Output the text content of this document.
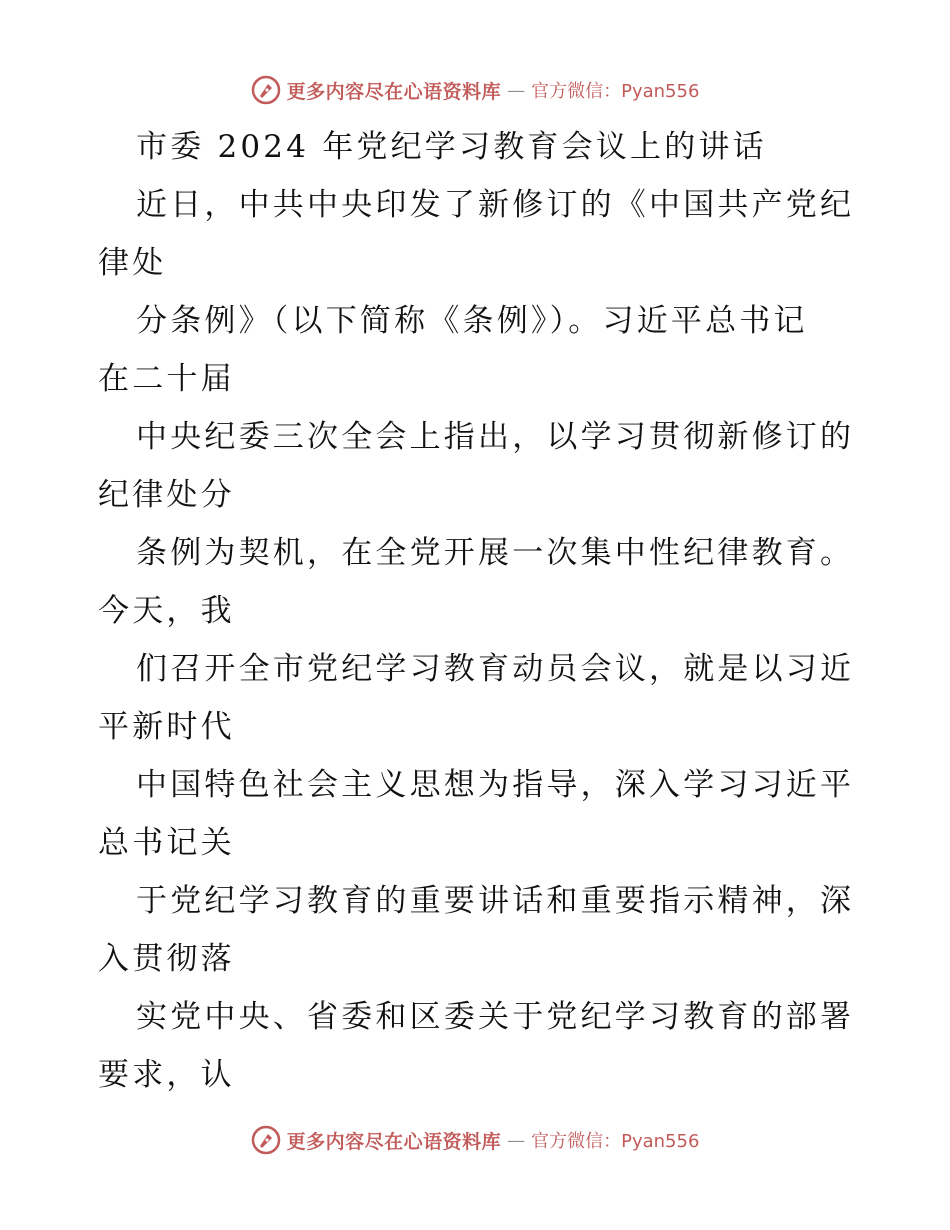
更多内容尽在心语资料库 — 官方微信：Pyan556
市委 2024 年党纪学习教育会议上的讲话
近日，中共中央印发了新修订的《中国共产党纪
律处
分条例》（以下简称《条例》）。习近平总书记
在二十届
中央纪委三次全会上指出，以学习贯彻新修订的
纪律处分
条例为契机，在全党开展一次集中性纪律教育。
今天，我
们召开全市党纪学习教育动员会议，就是以习近
平新时代
中国特色社会主义思想为指导，深入学习习近平
总书记关
于党纪学习教育的重要讲话和重要指示精神，深
入贯彻落
实党中央、省委和区委关于党纪学习教育的部署
要求，认
更多内容尽在心语资料库 — 官方微信：Pyan556
